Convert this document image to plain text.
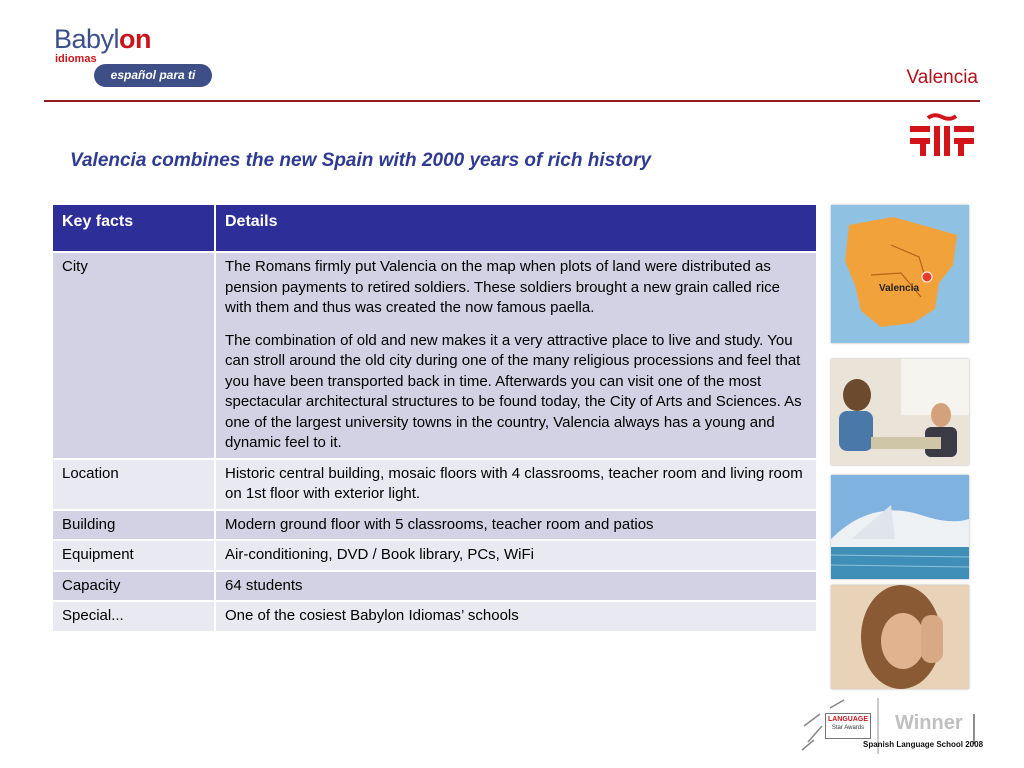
Babylon
idiomas
español para ti	Valencia
Valencia combines the new Spain with 2000 years of rich history
Key facts	Details
City	The Romans firmly put Valencia on the map when plots of land were distributed as pension payments to retired soldiers. These soldiers brought a new grain called rice with them and thus was created the now famous paella.
The combination of old and new makes it a very attractive place to live and study. You can stroll around the old city during one of the many religious processions and feel that you have been transported back in time. Afterwards you can visit one of the most spectacular architectural structures to be found today, the City of Arts and Sciences. As one of the largest university towns in the country, Valencia always has a young and dynamic feel to it.

Location	Historic central building, mosaic floors with 4 classrooms, teacher room and living room on 1st floor with exterior light.
Building	Modern ground floor with 5 classrooms, teacher room and patios
Equipment	Air-conditioning, DVD / Book library, PCs, WiFi
Capacity	64 students
Special...	One of the cosiest Babylon Idiomas’ schools
Valencia
LANGUAGE
Star Awards Winner
Spanish Language School 2008
